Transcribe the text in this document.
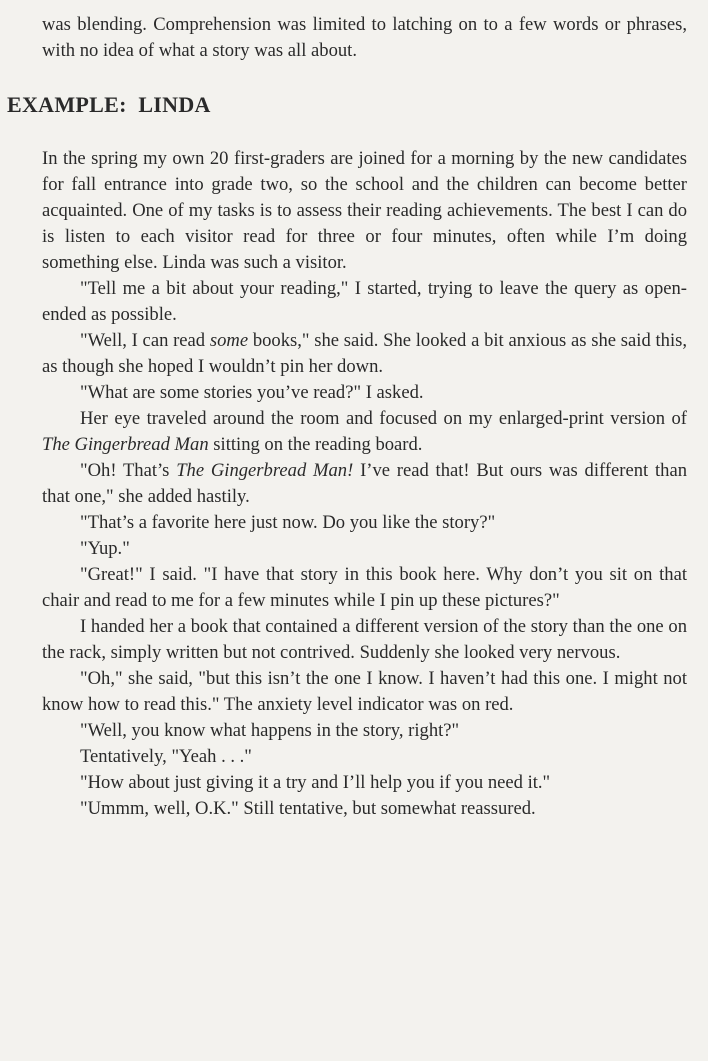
was blending. Comprehension was limited to latching on to a few words or phrases, with no idea of what a story was all about.

EXAMPLE:  LINDA

In the spring my own 20 first-graders are joined for a morning by the new candidates for fall entrance into grade two, so the school and the children can become better acquainted. One of my tasks is to assess their reading achievements. The best I can do is listen to each visitor read for three or four minutes, often while I’m doing something else. Linda was such a visitor.

"Tell me a bit about your reading," I started, trying to leave the query as open-ended as possible.

"Well, I can read some books," she said. She looked a bit anxious as she said this, as though she hoped I wouldn’t pin her down.

"What are some stories you’ve read?" I asked.

Her eye traveled around the room and focused on my enlarged-print version of The Gingerbread Man sitting on the reading board.

"Oh! That’s The Gingerbread Man! I’ve read that! But ours was different than that one," she added hastily.

"That’s a favorite here just now. Do you like the story?"

"Yup."

"Great!" I said. "I have that story in this book here. Why don’t you sit on that chair and read to me for a few minutes while I pin up these pictures?"

I handed her a book that contained a different version of the story than the one on the rack, simply written but not contrived. Suddenly she looked very nervous.

"Oh," she said, "but this isn’t the one I know. I haven’t had this one. I might not know how to read this." The anxiety level indicator was on red.

"Well, you know what happens in the story, right?"

Tentatively, "Yeah . . ."

"How about just giving it a try and I’ll help you if you need it."

"Ummm, well, O.K." Still tentative, but somewhat reassured.
